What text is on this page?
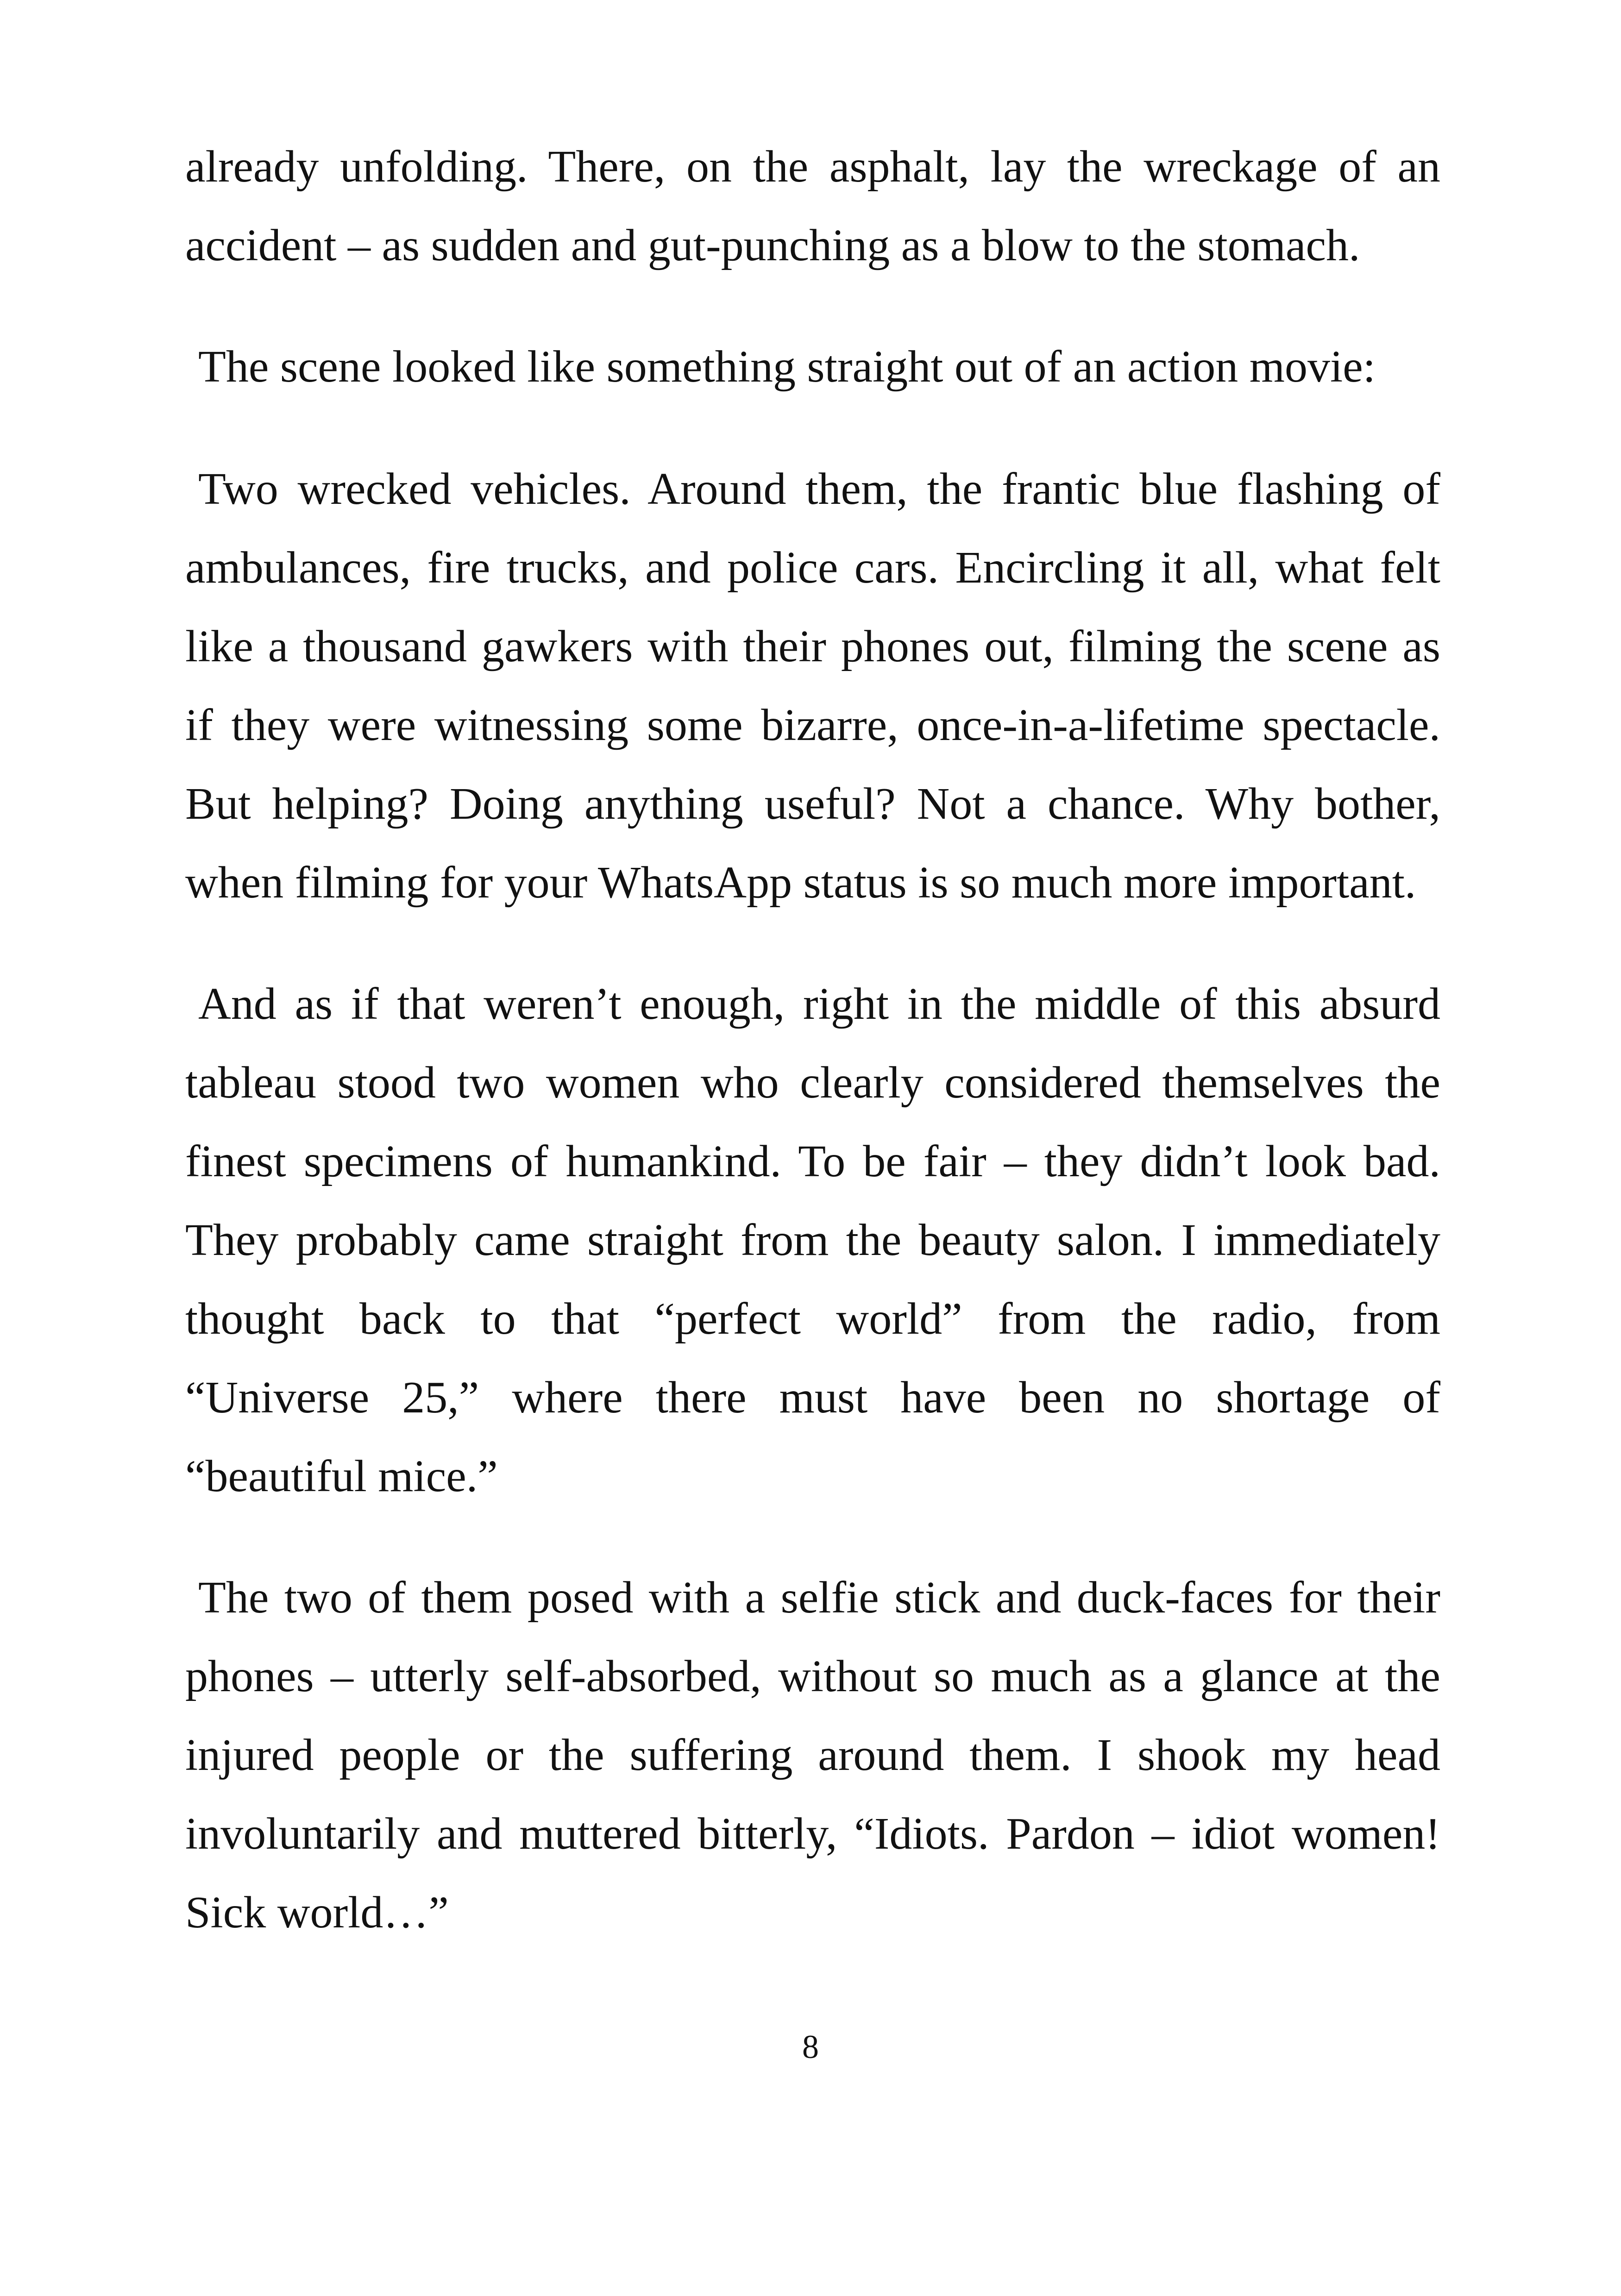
already unfolding. There, on the asphalt, lay the wreckage of an
accident – as sudden and gut-punching as a blow to the stomach.
The scene looked like something straight out of an action movie:
Two wrecked vehicles. Around them, the frantic blue flashing of
ambulances, fire trucks, and police cars. Encircling it all, what felt
like a thousand gawkers with their phones out, filming the scene as
if they were witnessing some bizarre, once-in-a-lifetime spectacle.
But helping? Doing anything useful? Not a chance. Why bother,
when filming for your WhatsApp status is so much more important.
And as if that weren’t enough, right in the middle of this absurd
tableau stood two women who clearly considered themselves the
finest specimens of humankind. To be fair – they didn’t look bad.
They probably came straight from the beauty salon. I immediately
thought back to that “perfect world” from the radio, from
“Universe 25,” where there must have been no shortage of
“beautiful mice.”
The two of them posed with a selfie stick and duck-faces for their
phones – utterly self-absorbed, without so much as a glance at the
injured people or the suffering around them. I shook my head
involuntarily and muttered bitterly, “Idiots. Pardon – idiot women!
Sick world…”
8
